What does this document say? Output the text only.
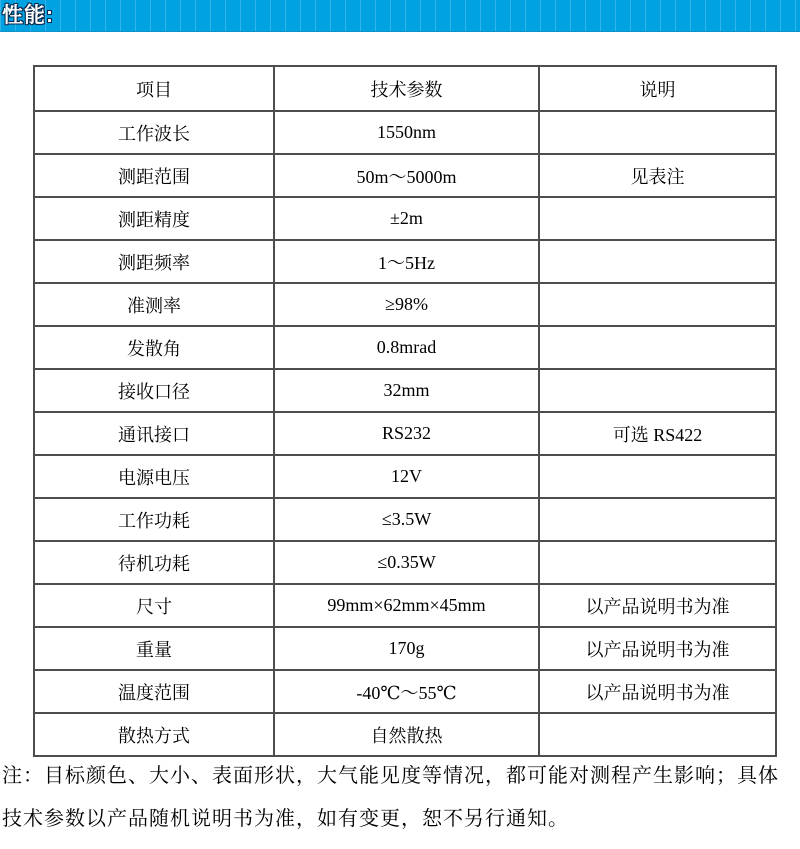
性能:
项目	技术参数	说明
工作波长	1550nm	
测距范围	50m～5000m	见表注
测距精度	±2m	
测距频率	1～5Hz	
准测率	≥98%	
发散角	0.8mrad	
接收口径	32mm	
通讯接口	RS232	可选 RS422
电源电压	12V	
工作功耗	≤3.5W	
待机功耗	≤0.35W	
尺寸	99mm×62mm×45mm	以产品说明书为准
重量	170g	以产品说明书为准
温度范围	-40℃～55℃	以产品说明书为准
散热方式	自然散热	

注：目标颜色、大小、表面形状，大气能见度等情况，都可能对测程产生影响；具体
技术参数以产品随机说明书为准，如有变更，恕不另行通知。
